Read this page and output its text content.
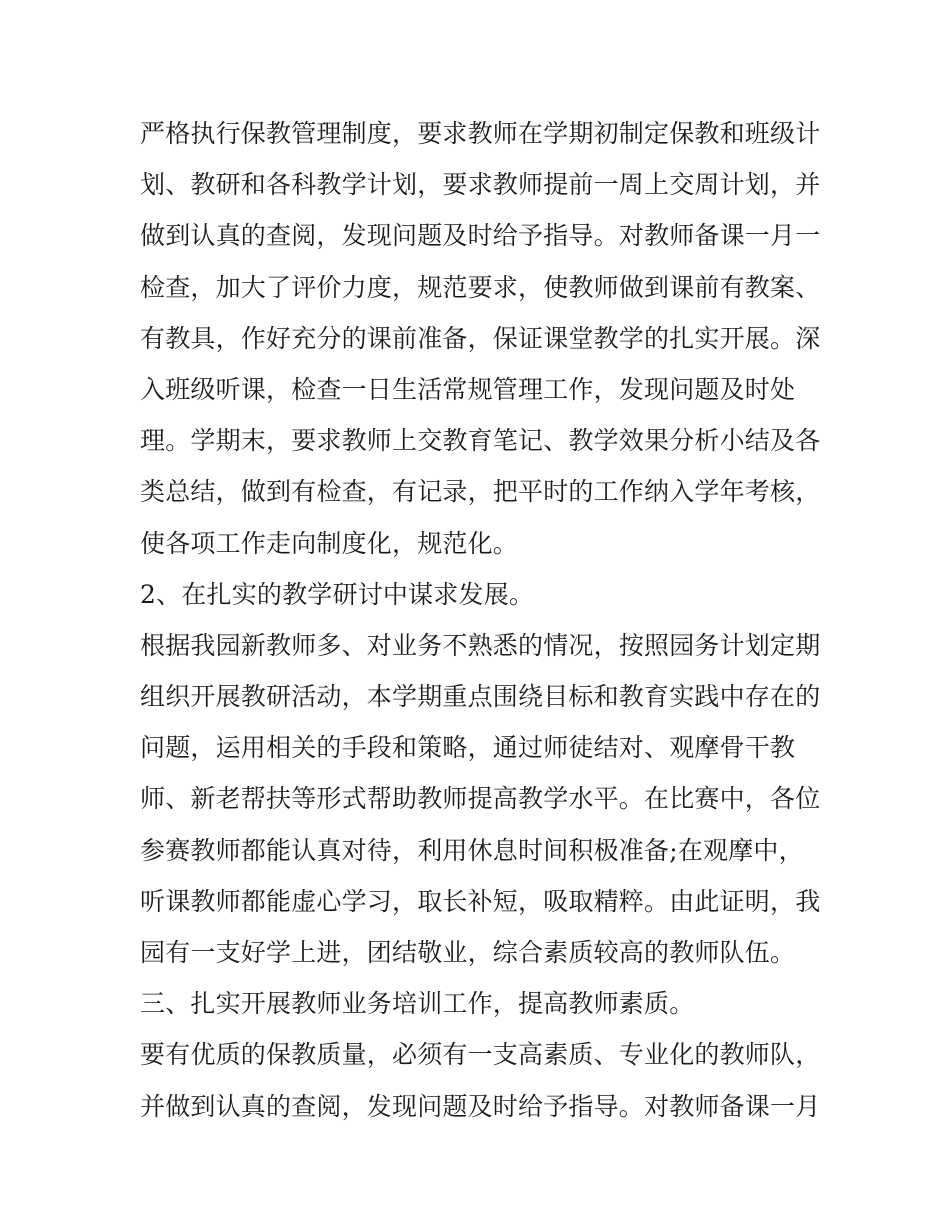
严格执行保教管理制度，要求教师在学期初制定保教和班级计
划、教研和各科教学计划，要求教师提前一周上交周计划，并
做到认真的查阅，发现问题及时给予指导。对教师备课一月一
检查，加大了评价力度，规范要求，使教师做到课前有教案、
有教具，作好充分的课前准备，保证课堂教学的扎实开展。深
入班级听课，检查一日生活常规管理工作，发现问题及时处
理。学期末，要求教师上交教育笔记、教学效果分析小结及各
类总结，做到有检查，有记录，把平时的工作纳入学年考核，
使各项工作走向制度化，规范化。
2、在扎实的教学研讨中谋求发展。
根据我园新教师多、对业务不熟悉的情况，按照园务计划定期
组织开展教研活动，本学期重点围绕目标和教育实践中存在的
问题，运用相关的手段和策略，通过师徒结对、观摩骨干教
师、新老帮扶等形式帮助教师提高教学水平。在比赛中，各位
参赛教师都能认真对待，利用休息时间积极准备;在观摩中，
听课教师都能虚心学习，取长补短，吸取精粹。由此证明，我
园有一支好学上进，团结敬业，综合素质较高的教师队伍。
三、扎实开展教师业务培训工作，提高教师素质。
要有优质的保教质量，必须有一支高素质、专业化的教师队，
并做到认真的查阅，发现问题及时给予指导。对教师备课一月
